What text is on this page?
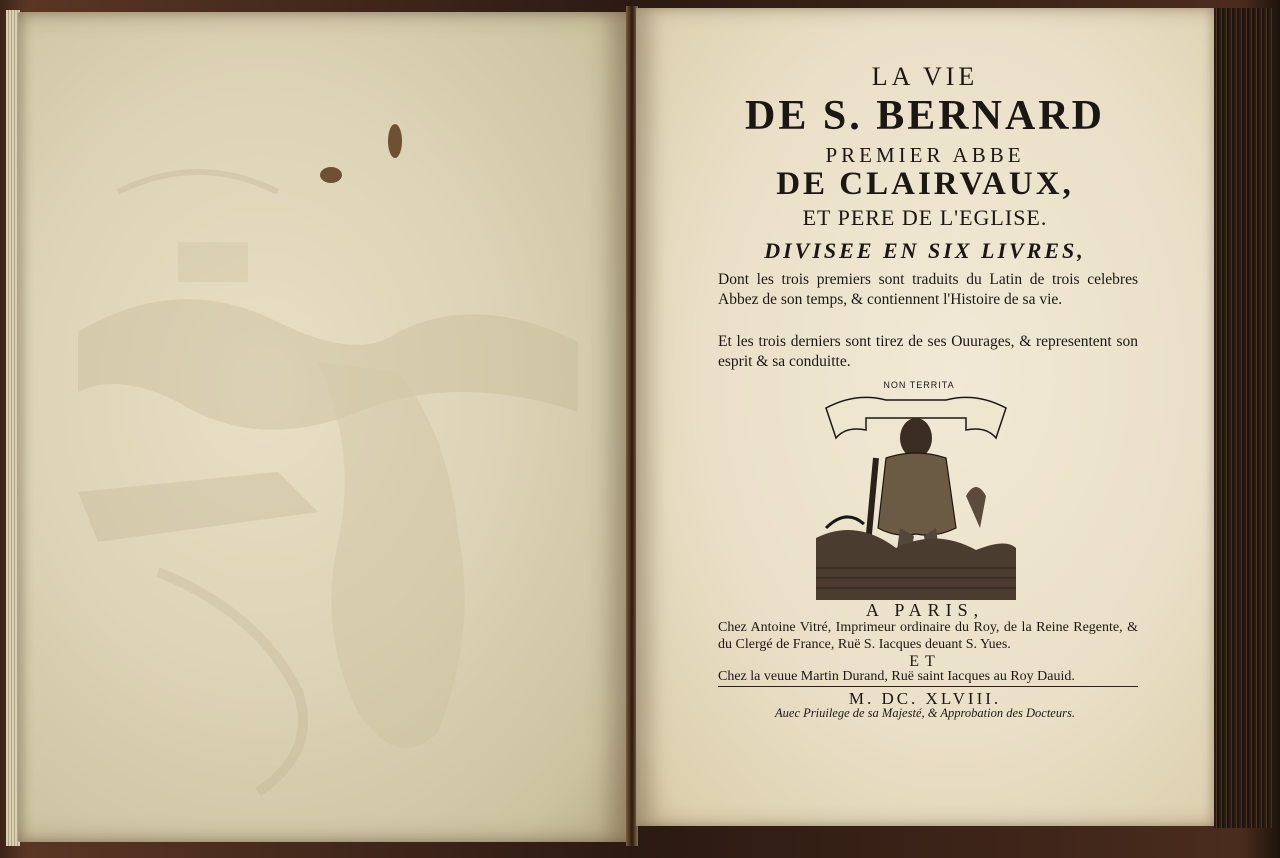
LA VIE
DE S. BERNARD
PREMIER ABBE
DE CLAIRVAUX,
ET PERE DE L'EGLISE.
DIVISEE EN SIX LIVRES,
Dont les trois premiers sont traduits du Latin de trois celebres Abbez de son temps, & contiennent l'Histoire de sa vie.
Et les trois derniers sont tirez de ses Ouurages, & representent son esprit & sa conduitte.
NON TERRITA
A PARIS,
Chez Antoine Vitré, Imprimeur ordinaire du Roy, de la Reine Regente, & du Clergé de France, Ruë S. Iacques deuant S. Yues.
ET
Chez la veuue Martin Durand, Ruë saint Iacques au Roy Dauid.
M. DC. XLVIII.
Auec Priuilege de sa Majesté, & Approbation des Docteurs.
